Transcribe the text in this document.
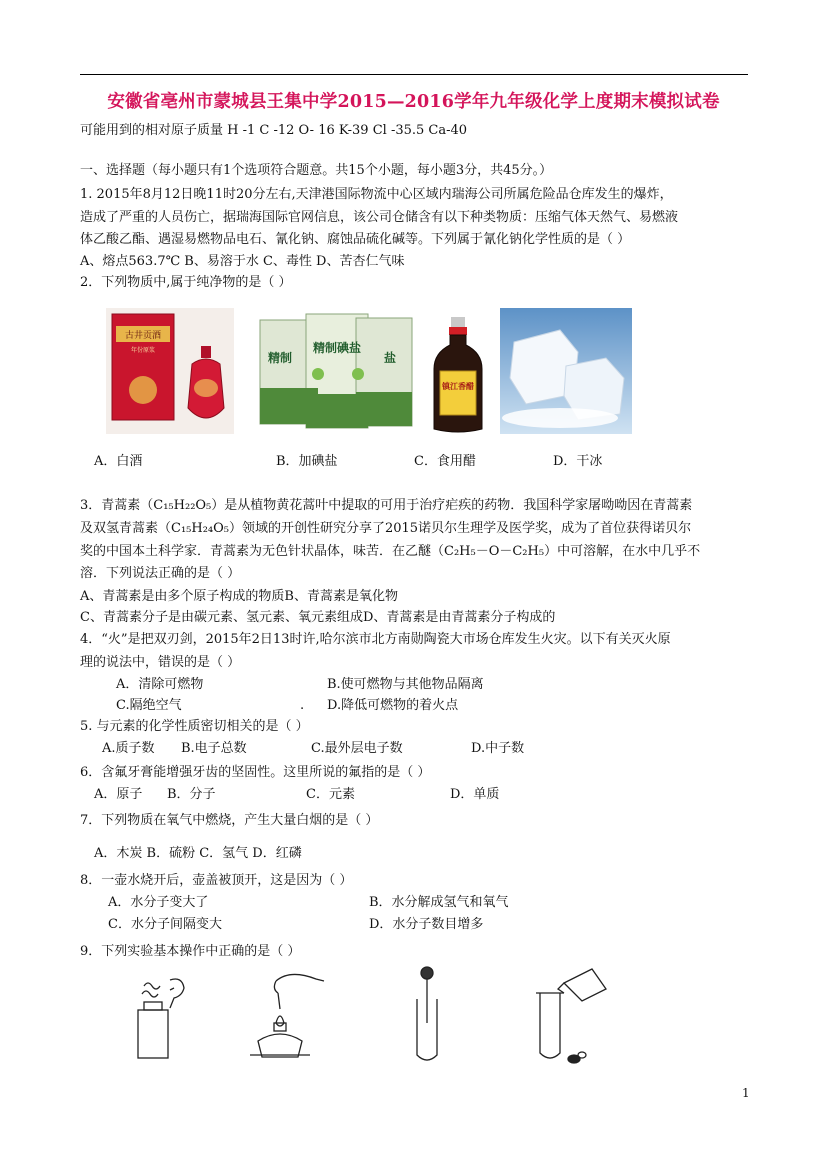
安徽省亳州市蒙城县王集中学2015—2016学年九年级化学上度期末模拟试卷
可能用到的相对原子质量 H -1 C -12 O- 16 K-39 Cl -35.5 Ca-40
一、选择题（每小题只有1个选项符合题意。共15个小题，每小题3分，共45分。）
1. 2015年8月12日晚11时20分左右,天津港国际物流中心区域内瑞海公司所属危险品仓库发生的爆炸，
造成了严重的人员伤亡，据瑞海国际官网信息，该公司仓储含有以下种类物质：压缩气体天然气、易燃液
体乙酸乙酯、遇湿易燃物品电石、氰化钠、腐蚀品硫化碱等。下列属于氰化钠化学性质的是（ ）
A、熔点563.7℃ B、易溶于水 C、毒性 D、苦杏仁气味
2．下列物质中,属于纯净物的是（ ）
古井贡酒
年份原浆
精制
精制碘盐
盐
镇江香醋
A．白酒	B．加碘盐	C．食用醋	D．干冰
3．青蒿素（C₁₅H₂₂O₅）是从植物黄花蒿叶中提取的可用于治疗疟疾的药物．我国科学家屠呦呦因在青蒿素
及双氢青蒿素（C₁₅H₂₄O₅）领域的开创性研究分享了2015诺贝尔生理学及医学奖，成为了首位获得诺贝尔
奖的中国本土科学家．青蒿素为无色针状晶体，味苦．在乙醚（C₂H₅－O－C₂H₅）中可溶解，在水中几乎不
溶．下列说法正确的是（ ）
A、青蒿素是由多个原子构成的物质B、青蒿素是氧化物
C、青蒿素分子是由碳元素、氢元素、氧元素组成D、青蒿素是由青蒿素分子构成的
4．“火”是把双刃剑，2015年2日13时许,哈尔滨市北方南勋陶瓷大市场仓库发生火灾。以下有关灭火原
理的说法中，错误的是（ ）
A．清除可燃物	B.使可燃物与其他物品隔离
C.隔绝空气	. D.降低可燃物的着火点
5. 与元素的化学性质密切相关的是（ ）
A.质子数 B.电子总数	C.最外层电子数	D.中子数
6．含氟牙膏能增强牙齿的坚固性。这里所说的氟指的是（ ）
A．原子 B．分子	C．元素	D．单质
7．下列物质在氧气中燃烧，产生大量白烟的是（ ）
A．木炭 B．硫粉 C．氢气 D．红磷
8．一壶水烧开后，壶盖被顶开，这是因为（ ）
A．水分子变大了	B．水分解成氢气和氧气
C．水分子间隔变大	D．水分子数目增多
9．下列实验基本操作中正确的是（ ）
1
